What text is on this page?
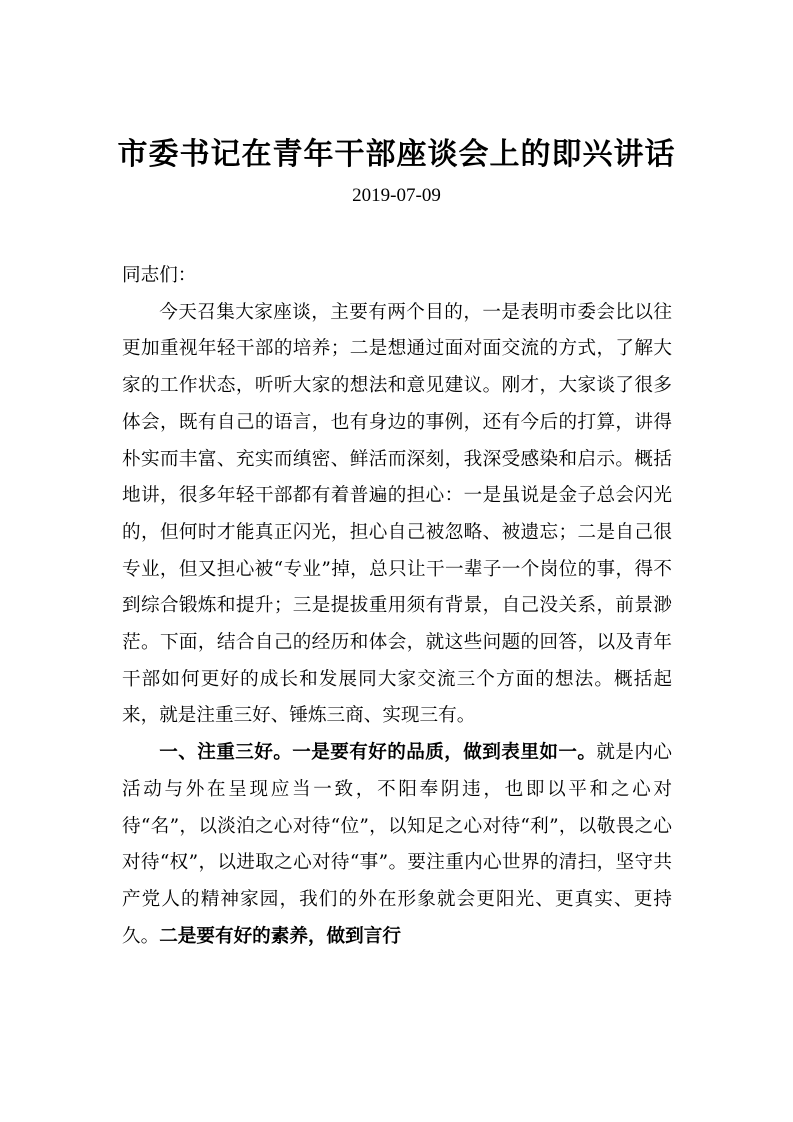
市委书记在青年干部座谈会上的即兴讲话

2019-07-09

同志们：

今天召集大家座谈，主要有两个目的，一是表明市委会比以往更加重视年轻干部的培养；二是想通过面对面交流的方式，了解大家的工作状态，听听大家的想法和意见建议。刚才，大家谈了很多体会，既有自己的语言，也有身边的事例，还有今后的打算，讲得朴实而丰富、充实而缜密、鲜活而深刻，我深受感染和启示。概括地讲，很多年轻干部都有着普遍的担心：一是虽说是金子总会闪光的，但何时才能真正闪光，担心自己被忽略、被遗忘；二是自己很专业，但又担心被“专业”掉，总只让干一辈子一个岗位的事，得不到综合锻炼和提升；三是提拔重用须有背景，自己没关系，前景渺茫。下面，结合自己的经历和体会，就这些问题的回答，以及青年干部如何更好的成长和发展同大家交流三个方面的想法。概括起来，就是注重三好、锤炼三商、实现三有。

一、注重三好。一是要有好的品质，做到表里如一。就是内心活动与外在呈现应当一致，不阳奉阴违，也即以平和之心对待“名”，以淡泊之心对待“位”，以知足之心对待“利”，以敬畏之心对待“权”，以进取之心对待“事”。要注重内心世界的清扫，坚守共产党人的精神家园，我们的外在形象就会更阳光、更真实、更持久。二是要有好的素养，做到言行
